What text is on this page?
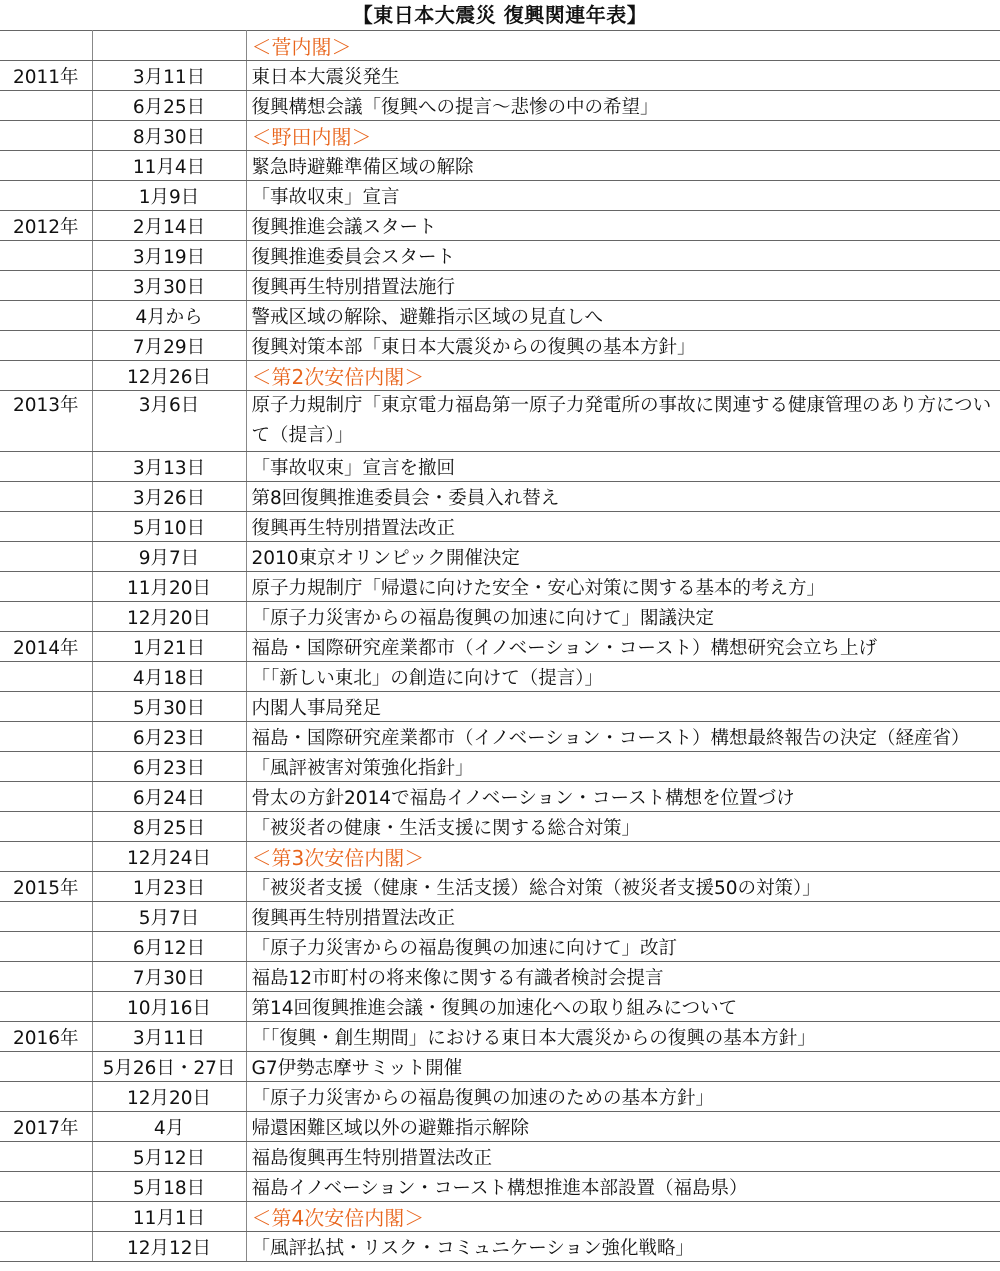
【東日本大震災 復興関連年表】
		＜菅内閣＞
2011年	3月11日	東日本大震災発生
	6月25日	復興構想会議「復興への提言～悲惨の中の希望」
	8月30日	＜野田内閣＞
	11月4日	緊急時避難準備区域の解除
	1月9日	「事故収束」宣言
2012年	2月14日	復興推進会議スタート
	3月19日	復興推進委員会スタート
	3月30日	復興再生特別措置法施行
	4月から	警戒区域の解除、避難指示区域の見直しへ
	7月29日	復興対策本部「東日本大震災からの復興の基本方針」
	12月26日	＜第2次安倍内閣＞
2013年	3月6日	原子力規制庁「東京電力福島第一原子力発電所の事故に関連する健康管理のあり方について（提言）」
	3月13日	「事故収束」宣言を撤回
	3月26日	第8回復興推進委員会・委員入れ替え
	5月10日	復興再生特別措置法改正
	9月7日	2010東京オリンピック開催決定
	11月20日	原子力規制庁「帰還に向けた安全・安心対策に関する基本的考え方」
	12月20日	「原子力災害からの福島復興の加速に向けて」閣議決定
2014年	1月21日	福島・国際研究産業都市（イノベーション・コースト）構想研究会立ち上げ
	4月18日	「「新しい東北」の創造に向けて（提言）」
	5月30日	内閣人事局発足
	6月23日	福島・国際研究産業都市（イノベーション・コースト）構想最終報告の決定（経産省）
	6月23日	「風評被害対策強化指針」
	6月24日	骨太の方針2014で福島イノベーション・コースト構想を位置づけ
	8月25日	「被災者の健康・生活支援に関する総合対策」
	12月24日	＜第3次安倍内閣＞
2015年	1月23日	「被災者支援（健康・生活支援）総合対策（被災者支援50の対策）」
	5月7日	復興再生特別措置法改正
	6月12日	「原子力災害からの福島復興の加速に向けて」改訂
	7月30日	福島12市町村の将来像に関する有識者検討会提言
	10月16日	第14回復興推進会議・復興の加速化への取り組みについて
2016年	3月11日	「「復興・創生期間」における東日本大震災からの復興の基本方針」
	5月26日・27日	G7伊勢志摩サミット開催
	12月20日	「原子力災害からの福島復興の加速のための基本方針」
2017年	4月	帰還困難区域以外の避難指示解除
	5月12日	福島復興再生特別措置法改正
	5月18日	福島イノベーション・コースト構想推進本部設置（福島県）
	11月1日	＜第4次安倍内閣＞
	12月12日	「風評払拭・リスク・コミュニケーション強化戦略」
